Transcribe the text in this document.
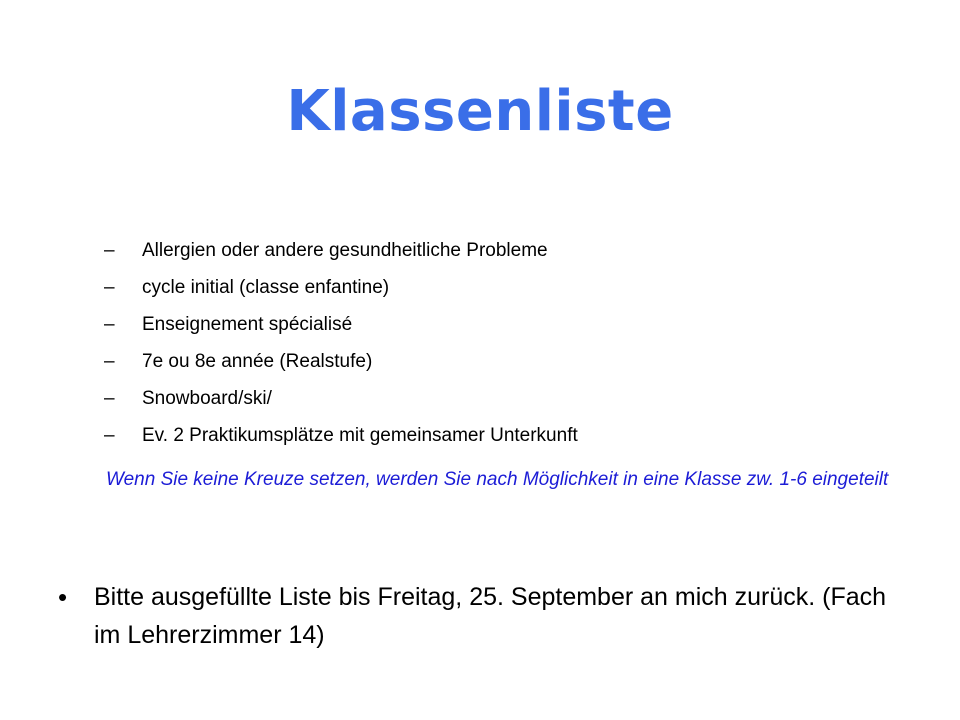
Klassenliste
–	Allergien oder andere gesundheitliche Probleme
–	cycle initial (classe enfantine)
–	Enseignement spécialisé
–	7e ou 8e année (Realstufe)
–	Snowboard/ski/
–	Ev. 2 Praktikumsplätze mit gemeinsamer Unterkunft
Wenn Sie keine Kreuze setzen, werden Sie nach Möglichkeit in eine Klasse zw. 1-6 eingeteilt
•	Bitte ausgefüllte Liste bis Freitag, 25. September an mich zurück. (Fach im Lehrerzimmer 14)
